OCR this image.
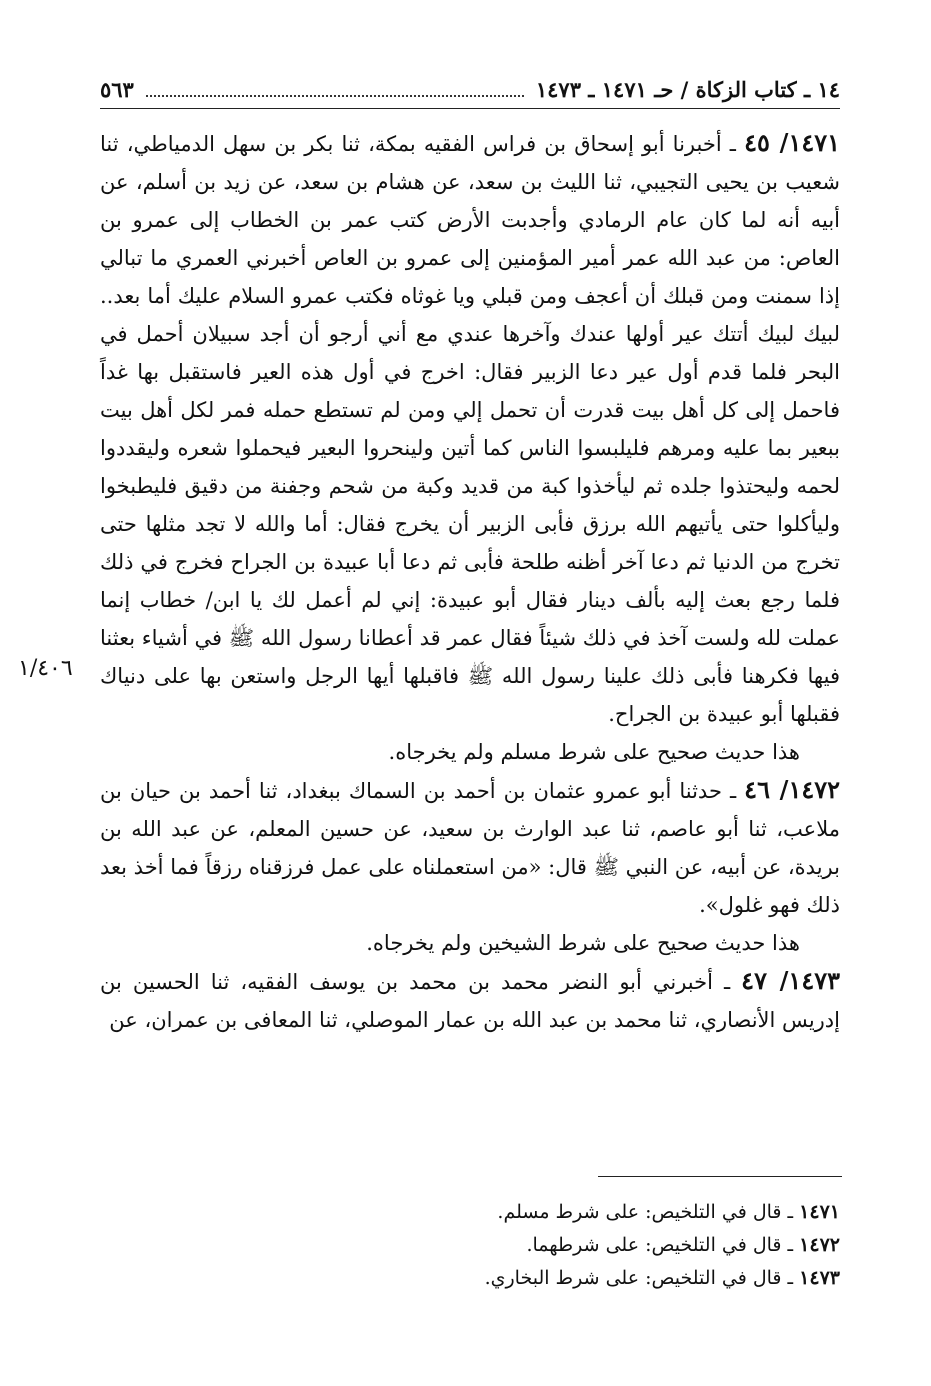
١٤ ـ كتاب الزكاة / حـ ١٤٧١ ـ ١٤٧٣
٥٦٣
١/٤٠٦

١٤٧١/ ٤٥ ـ أخبرنا أبو إسحاق بن فراس الفقيه بمكة، ثنا بكر بن سهل الدمياطي، ثنا شعيب بن يحيى التجيبي، ثنا الليث بن سعد، عن هشام بن سعد، عن زيد بن أسلم، عن أبيه أنه لما كان عام الرمادي وأجدبت الأرض كتب عمر بن الخطاب إلى عمرو بن العاص: من عبد الله عمر أمير المؤمنين إلى عمرو بن العاص أخبرني العمري ما تبالي إذا سمنت ومن قبلك أن أعجف ومن قبلي ويا غوثاه فكتب عمرو السلام عليك أما بعد.. لبيك لبيك أتتك عير أولها عندك وآخرها عندي مع أني أرجو أن أجد سبيلان أحمل في البحر فلما قدم أول عير دعا الزبير فقال: اخرج في أول هذه العير فاستقبل بها غداً فاحمل إلى كل أهل بيت قدرت أن تحمل إلي ومن لم تستطع حمله فمر لكل أهل بيت ببعير بما عليه ومرهم فليلبسوا الناس كما أتين ولينحروا البعير فيحملوا شعره وليقددوا لحمه وليحتذوا جلده ثم ليأخذوا كبة من قديد وكبة من شحم وجفنة من دقيق فليطبخوا وليأكلوا حتى يأتيهم الله برزق فأبى الزبير أن يخرج فقال: أما والله لا تجد مثلها حتى تخرج من الدنيا ثم دعا آخر أظنه طلحة فأبى ثم دعا أبا عبيدة بن الجراح فخرج في ذلك فلما رجع بعث إليه بألف دينار فقال أبو عبيدة: إني لم أعمل لك يا ابن/ خطاب إنما عملت لله ولست آخذ في ذلك شيئاً فقال عمر قد أعطانا رسول الله ﷺ في أشياء بعثنا فيها فكرهنا فأبى ذلك علينا رسول الله ﷺ فاقبلها أيها الرجل واستعن بها على دنياك فقبلها أبو عبيدة بن الجراح.

هذا حديث صحيح على شرط مسلم ولم يخرجاه.

١٤٧٢/ ٤٦ ـ حدثنا أبو عمرو عثمان بن أحمد بن السماك ببغداد، ثنا أحمد بن حيان بن ملاعب، ثنا أبو عاصم، ثنا عبد الوارث بن سعيد، عن حسين المعلم، عن عبد الله بن بريدة، عن أبيه، عن النبي ﷺ قال: «من استعملناه على عمل فرزقناه رزقاً فما أخذ بعد ذلك فهو غلول».

هذا حديث صحيح على شرط الشيخين ولم يخرجاه.

١٤٧٣/ ٤٧ ـ أخبرني أبو النضر محمد بن محمد بن يوسف الفقيه، ثنا الحسين بن إدريس الأنصاري، ثنا محمد بن عبد الله بن عمار الموصلي، ثنا المعافى بن عمران، عن

١٤٧١ ـ قال في التلخيص: على شرط مسلم.
١٤٧٢ ـ قال في التلخيص: على شرطهما.
١٤٧٣ ـ قال في التلخيص: على شرط البخاري.
